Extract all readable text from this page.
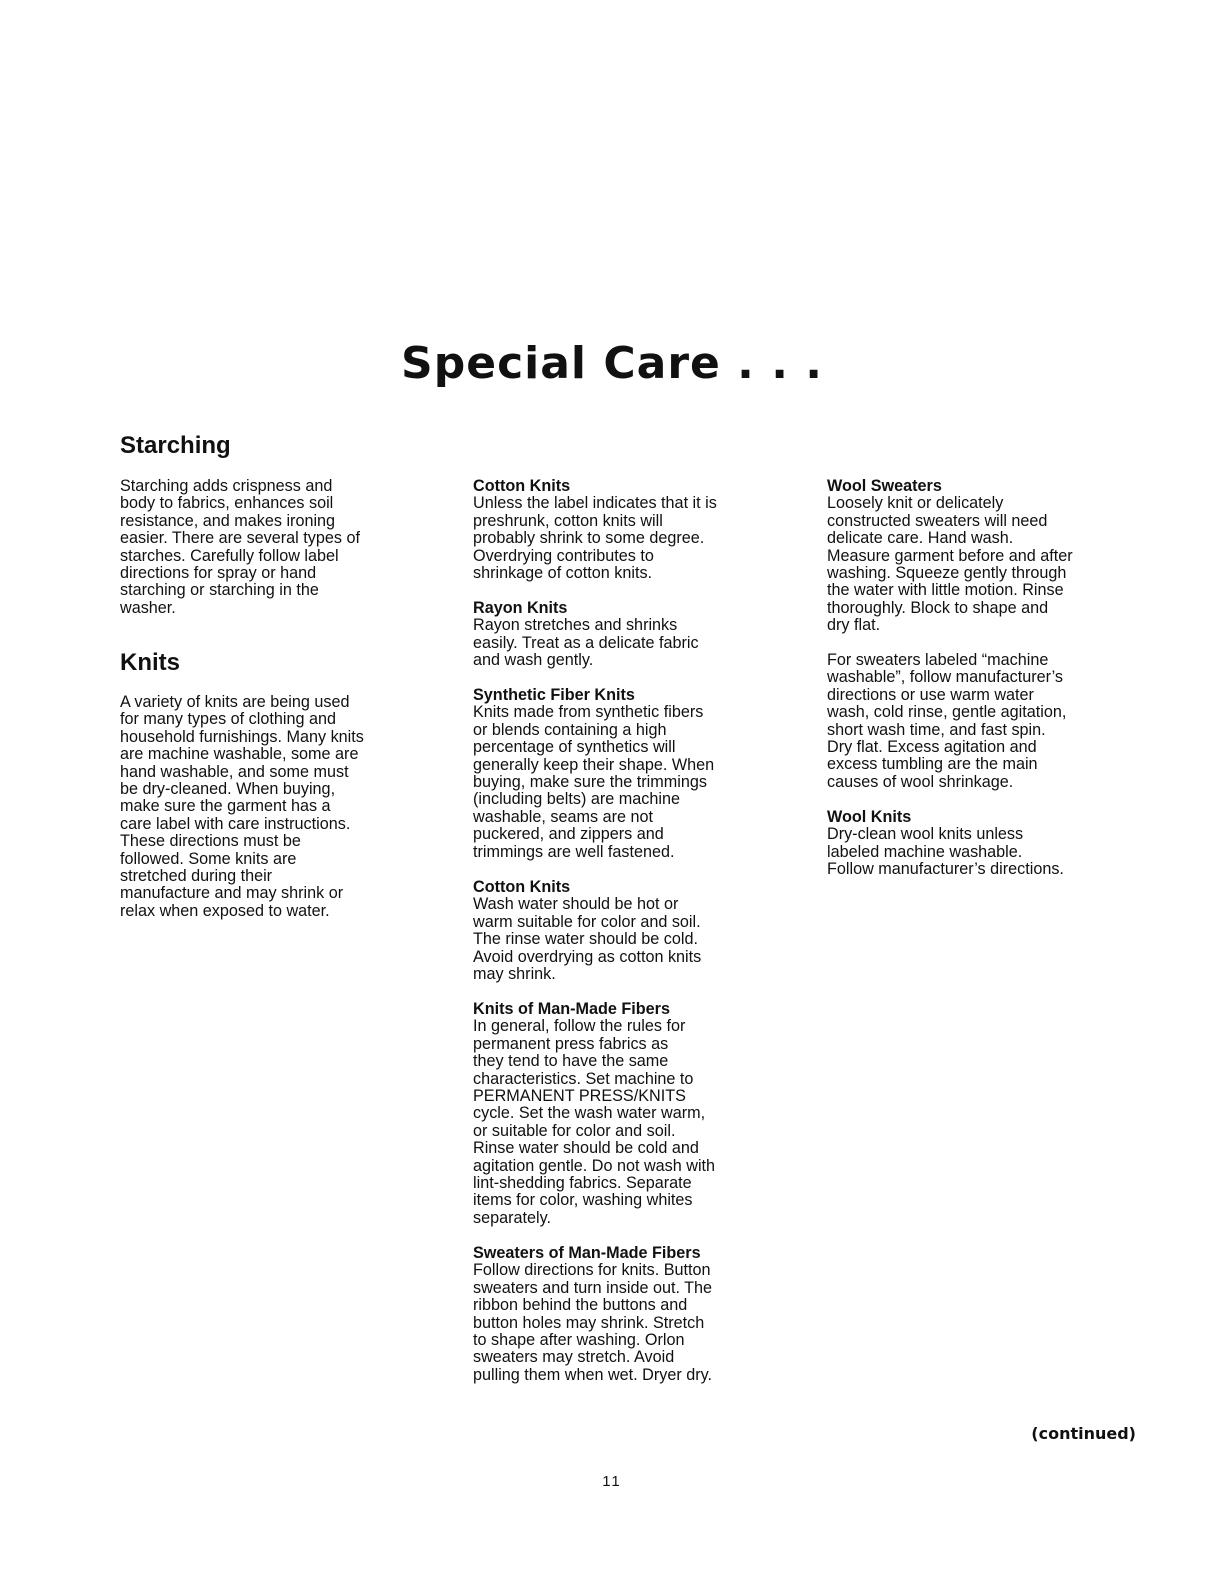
Special Care . . .
Starching
Starching adds crispness and
body to fabrics, enhances soil
resistance, and makes ironing
easier. There are several types of
starches. Carefully follow label
directions for spray or hand
starching or starching in the
washer.
Knits
A variety of knits are being used
for many types of clothing and
household furnishings. Many knits
are machine washable, some are
hand washable, and some must
be dry-cleaned. When buying,
make sure the garment has a
care label with care instructions.
These directions must be
followed. Some knits are
stretched during their
manufacture and may shrink or
relax when exposed to water.
Cotton Knits
Unless the label indicates that it is
preshrunk, cotton knits will
probably shrink to some degree.
Overdrying contributes to
shrinkage of cotton knits.
Rayon Knits
Rayon stretches and shrinks
easily. Treat as a delicate fabric
and wash gently.
Synthetic Fiber Knits
Knits made from synthetic fibers
or blends containing a high
percentage of synthetics will
generally keep their shape. When
buying, make sure the trimmings
(including belts) are machine
washable, seams are not
puckered, and zippers and
trimmings are well fastened.
Cotton Knits
Wash water should be hot or
warm suitable for color and soil.
The rinse water should be cold.
Avoid overdrying as cotton knits
may shrink.
Knits of Man-Made Fibers
In general, follow the rules for
permanent press fabrics as
they tend to have the same
characteristics. Set machine to
PERMANENT PRESS/KNITS
cycle. Set the wash water warm,
or suitable for color and soil.
Rinse water should be cold and
agitation gentle. Do not wash with
lint-shedding fabrics. Separate
items for color, washing whites
separately.
Sweaters of Man-Made Fibers
Follow directions for knits. Button
sweaters and turn inside out. The
ribbon behind the buttons and
button holes may shrink. Stretch
to shape after washing. Orlon
sweaters may stretch. Avoid
pulling them when wet. Dryer dry.
Wool Sweaters
Loosely knit or delicately
constructed sweaters will need
delicate care. Hand wash.
Measure garment before and after
washing. Squeeze gently through
the water with little motion. Rinse
thoroughly. Block to shape and
dry flat.
For sweaters labeled “machine
washable”, follow manufacturer’s
directions or use warm water
wash, cold rinse, gentle agitation,
short wash time, and fast spin.
Dry flat. Excess agitation and
excess tumbling are the main
causes of wool shrinkage.
Wool Knits
Dry-clean wool knits unless
labeled machine washable.
Follow manufacturer’s directions.

(continued)

11
